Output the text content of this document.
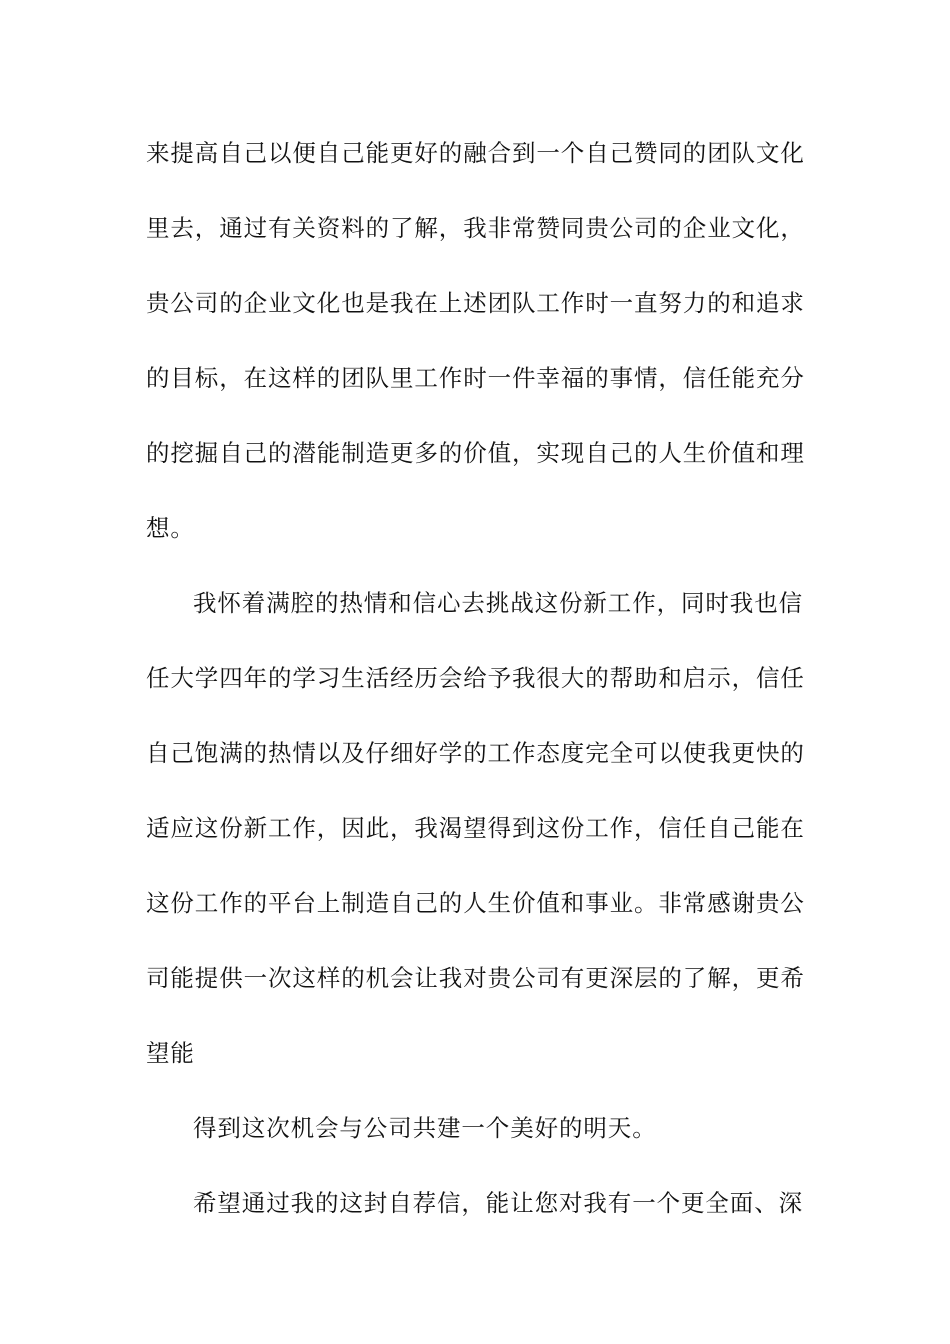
来提高自己以便自己能更好的融合到一个自己赞同的团队文化
里去，通过有关资料的了解，我非常赞同贵公司的企业文化，
贵公司的企业文化也是我在上述团队工作时一直努力的和追求
的目标，在这样的团队里工作时一件幸福的事情，信任能充分
的挖掘自己的潜能制造更多的价值，实现自己的人生价值和理
想。
我怀着满腔的热情和信心去挑战这份新工作，同时我也信
任大学四年的学习生活经历会给予我很大的帮助和启示，信任
自己饱满的热情以及仔细好学的工作态度完全可以使我更快的
适应这份新工作，因此，我渴望得到这份工作，信任自己能在
这份工作的平台上制造自己的人生价值和事业。非常感谢贵公
司能提供一次这样的机会让我对贵公司有更深层的了解，更希
望能
得到这次机会与公司共建一个美好的明天。
希望通过我的这封自荐信，能让您对我有一个更全面、深
